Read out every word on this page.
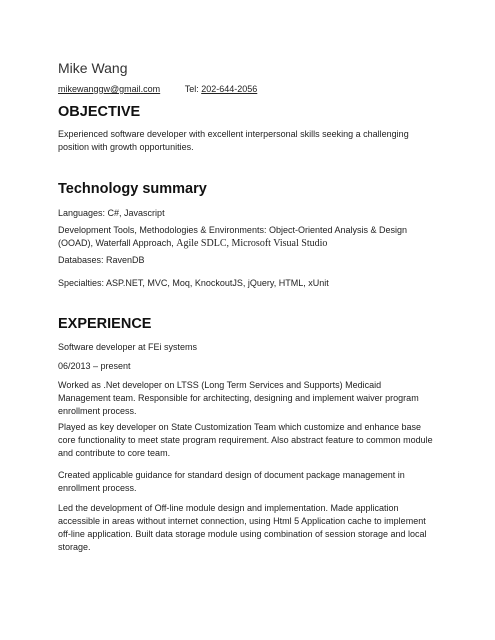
Mike Wang
mikewanggw@gmail.com	Tel: 202-644-2056
OBJECTIVE

Experienced software developer with excellent interpersonal skills seeking a challenging position with growth opportunities.

Technology summary

Languages: C#, Javascript

Development Tools, Methodologies & Environments: Object-Oriented Analysis & Design (OOAD), Waterfall Approach, Agile SDLC, Microsoft Visual Studio

Databases: RavenDB

Specialties: ASP.NET, MVC, Moq, KnockoutJS, jQuery, HTML, xUnit

EXPERIENCE

Software developer at FEi systems

06/2013 – present

Worked as .Net developer on LTSS (Long Term Services and Supports) Medicaid Management team. Responsible for architecting, designing and implement waiver program enrollment process.

Played as key developer on State Customization Team which customize and enhance base core functionality to meet state program requirement. Also abstract feature to common module and contribute to core team.

Created applicable guidance for standard design of document package management in enrollment process.

Led the development of Off-line module design and implementation. Made application accessible in areas without internet connection, using Html 5 Application cache to implement off-line application. Built data storage module using combination of session storage and local storage.
